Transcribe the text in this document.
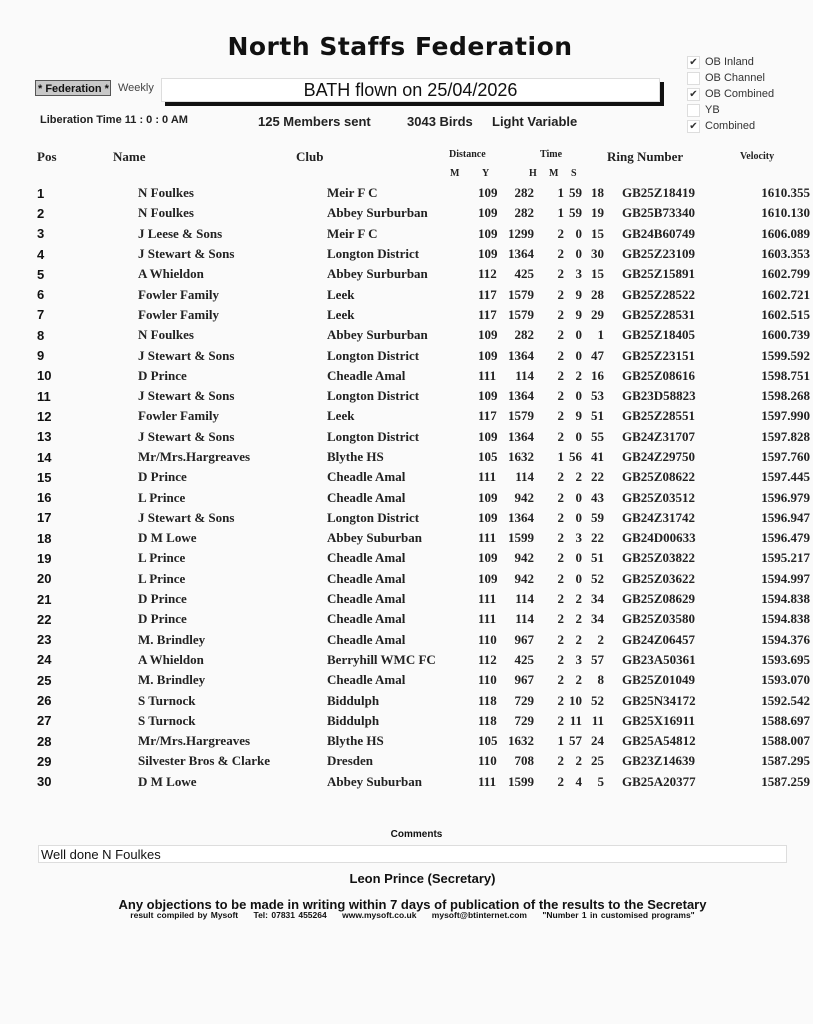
North Staffs Federation
* Federation * Weekly	BATH flown on 25/04/2026
✔ OB Inland
OB Channel
✔ OB Combined
YB
✔ Combined
Liberation Time 11 : 0 : 0 AM	125 Members sent	3043 Birds Light Variable
Pos	Name	Club	Distance	Time	Ring Number	Velocity
M Y	H M S
1	N Foulkes	Meir F C	109	282	1	59	18	GB25Z18419	1610.355
2	N Foulkes	Abbey Surburban	109	282	1	59	19	GB25B73340	1610.130
3	J Leese & Sons	Meir F C	109	1299	2	0	15	GB24B60749	1606.089
4	J Stewart & Sons	Longton District	109	1364	2	0	30	GB25Z23109	1603.353
5	A Whieldon	Abbey Surburban	112	425	2	3	15	GB25Z15891	1602.799
6	Fowler Family	Leek	117	1579	2	9	28	GB25Z28522	1602.721
7	Fowler Family	Leek	117	1579	2	9	29	GB25Z28531	1602.515
8	N Foulkes	Abbey Surburban	109	282	2	0	1	GB25Z18405	1600.739
9	J Stewart & Sons	Longton District	109	1364	2	0	47	GB25Z23151	1599.592
10	D Prince	Cheadle Amal	111	114	2	2	16	GB25Z08616	1598.751
11	J Stewart & Sons	Longton District	109	1364	2	0	53	GB23D58823	1598.268
12	Fowler Family	Leek	117	1579	2	9	51	GB25Z28551	1597.990
13	J Stewart & Sons	Longton District	109	1364	2	0	55	GB24Z31707	1597.828
14	Mr/Mrs.Hargreaves	Blythe HS	105	1632	1	56	41	GB24Z29750	1597.760
15	D Prince	Cheadle Amal	111	114	2	2	22	GB25Z08622	1597.445
16	L Prince	Cheadle Amal	109	942	2	0	43	GB25Z03512	1596.979
17	J Stewart & Sons	Longton District	109	1364	2	0	59	GB24Z31742	1596.947
18	D M Lowe	Abbey Suburban	111	1599	2	3	22	GB24D00633	1596.479
19	L Prince	Cheadle Amal	109	942	2	0	51	GB25Z03822	1595.217
20	L Prince	Cheadle Amal	109	942	2	0	52	GB25Z03622	1594.997
21	D Prince	Cheadle Amal	111	114	2	2	34	GB25Z08629	1594.838
22	D Prince	Cheadle Amal	111	114	2	2	34	GB25Z03580	1594.838
23	M. Brindley	Cheadle Amal	110	967	2	2	2	GB24Z06457	1594.376
24	A Whieldon	Berryhill WMC FC	112	425	2	3	57	GB23A50361	1593.695
25	M. Brindley	Cheadle Amal	110	967	2	2	8	GB25Z01049	1593.070
26	S Turnock	Biddulph	118	729	2	10	52	GB25N34172	1592.542
27	S Turnock	Biddulph	118	729	2	11	11	GB25X16911	1588.697
28	Mr/Mrs.Hargreaves	Blythe HS	105	1632	1	57	24	GB25A54812	1588.007
29	Silvester Bros & Clarke	Dresden	110	708	2	2	25	GB23Z14639	1587.295
30	D M Lowe	Abbey Suburban	111	1599	2	4	5	GB25A20377	1587.259
Comments
Well done N Foulkes
Leon Prince (Secretary)
Any objections to be made in writing within 7 days of publication of the results to the Secretary
result compiled by Mysoft Tel: 07831 455264 www.mysoft.co.uk mysoft@btinternet.com "Number 1 in customised programs"
